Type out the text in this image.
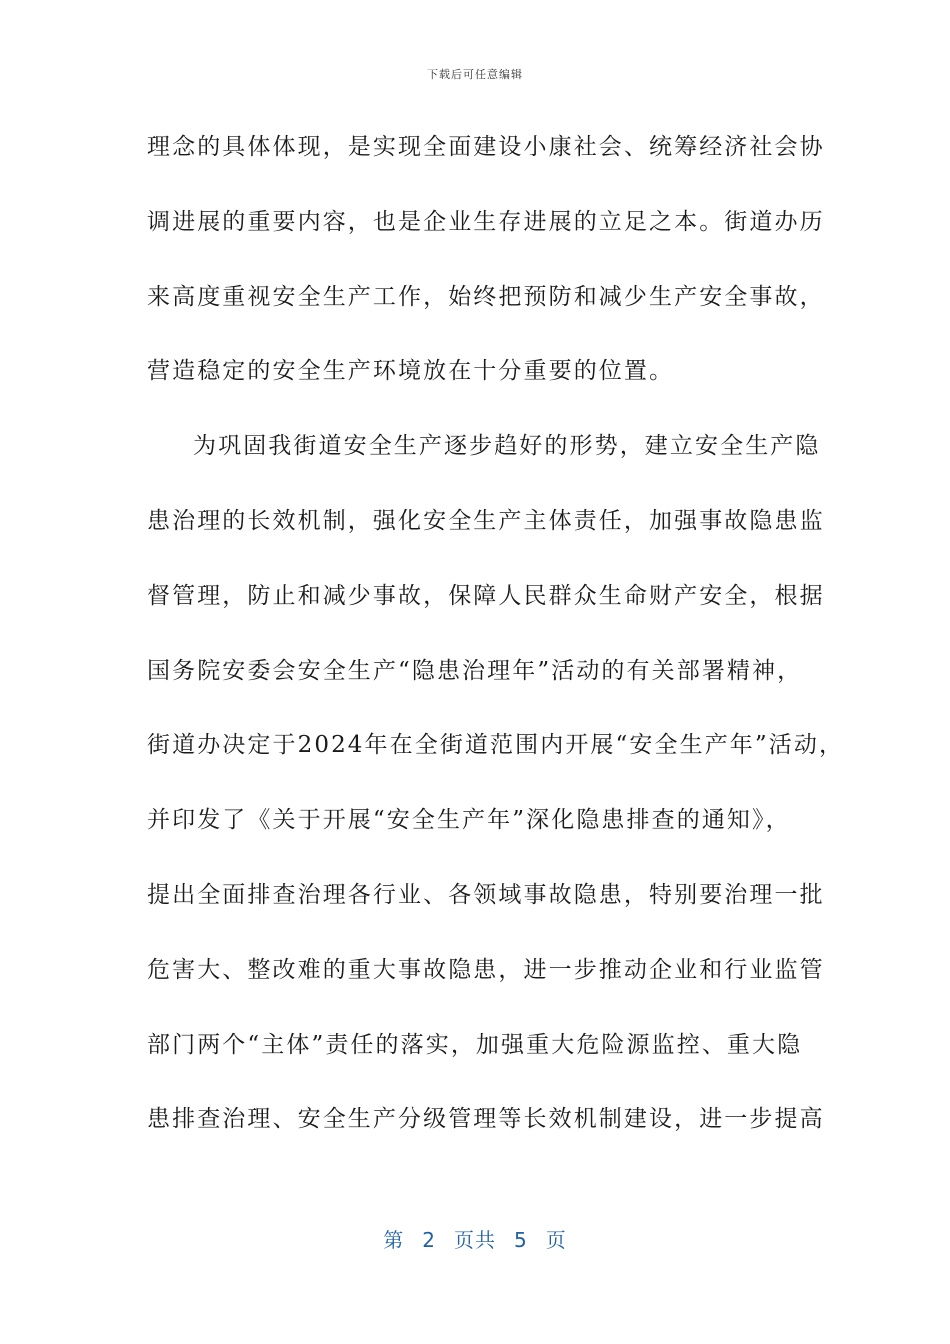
下载后可任意编辑
理念的具体体现，是实现全面建设小康社会、统筹经济社会协
调进展的重要内容，也是企业生存进展的立足之本。街道办历
来高度重视安全生产工作，始终把预防和减少生产安全事故，
营造稳定的安全生产环境放在十分重要的位置。
为巩固我街道安全生产逐步趋好的形势，建立安全生产隐
患治理的长效机制，强化安全生产主体责任，加强事故隐患监
督管理，防止和减少事故，保障人民群众生命财产安全，根据
国务院安委会安全生产“隐患治理年”活动的有关部署精神，
街道办决定于2024年在全街道范围内开展“安全生产年”活动，
并印发了《关于开展“安全生产年”深化隐患排查的通知》，
提出全面排查治理各行业、各领域事故隐患，特别要治理一批
危害大、整改难的重大事故隐患，进一步推动企业和行业监管
部门两个“主体”责任的落实，加强重大危险源监控、重大隐
患排查治理、安全生产分级管理等长效机制建设，进一步提高
第 2 页共 5 页
